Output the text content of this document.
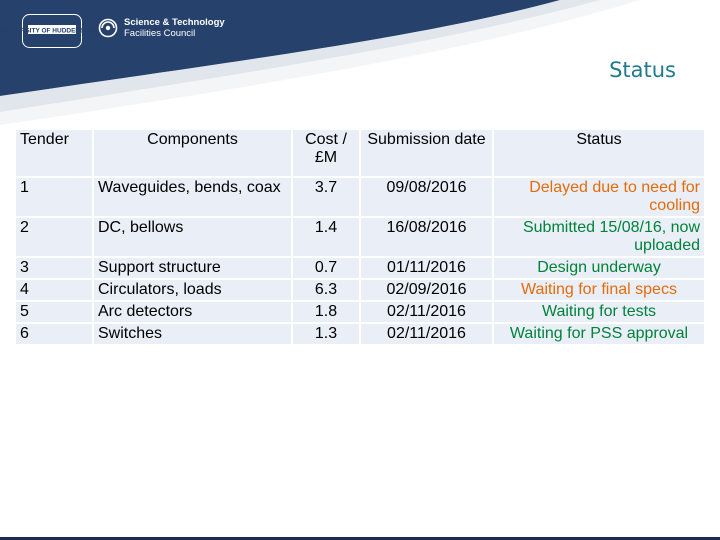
UNIVERSITY OF HUDDERSFIELD
Science & Technology
Facilities Council
Status
Tender	Components	Cost /£M	Submission date	Status
1	Waveguides, bends, coax	3.7	09/08/2016	Delayed due to need for cooling
2	DC, bellows	1.4	16/08/2016	Submitted 15/08/16, now uploaded
3	Support structure	0.7	01/11/2016	Design underway
4	Circulators, loads	6.3	02/09/2016	Waiting for final specs
5	Arc detectors	1.8	02/11/2016	Waiting for tests
6	Switches	1.3	02/11/2016	Waiting for PSS approval
